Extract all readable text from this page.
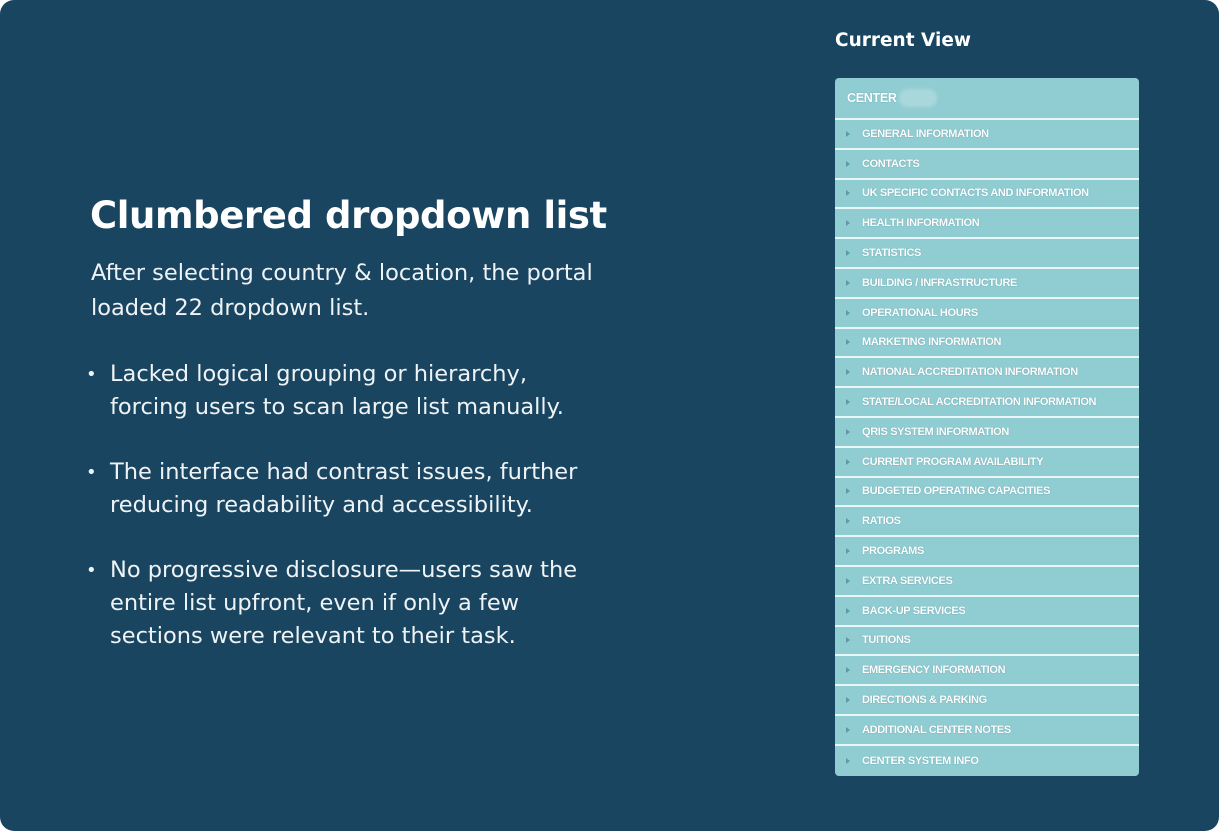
Clumbered dropdown list

After selecting country & location, the portal loaded 22 dropdown list.

• Lacked logical grouping or hierarchy, forcing users to scan large list manually.
• The interface had contrast issues, further reducing readability and accessibility.
• No progressive disclosure—users saw the entire list upfront, even if only a few sections were relevant to their task.
Current View
CENTER
GENERAL INFORMATION
CONTACTS
UK SPECIFIC CONTACTS AND INFORMATION
HEALTH INFORMATION
STATISTICS
BUILDING / INFRASTRUCTURE
OPERATIONAL HOURS
MARKETING INFORMATION
NATIONAL ACCREDITATION INFORMATION
STATE/LOCAL ACCREDITATION INFORMATION
QRIS SYSTEM INFORMATION
CURRENT PROGRAM AVAILABILITY
BUDGETED OPERATING CAPACITIES
RATIOS
PROGRAMS
EXTRA SERVICES
BACK-UP SERVICES
TUITIONS
EMERGENCY INFORMATION
DIRECTIONS & PARKING
ADDITIONAL CENTER NOTES
CENTER SYSTEM INFO
